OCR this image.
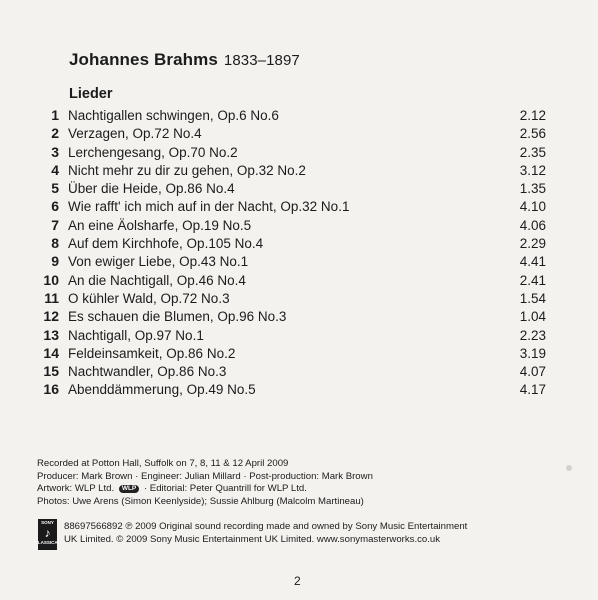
Johannes Brahms 1833–1897
Lieder
1 Nachtigallen schwingen, Op.6 No.6	2.12
2 Verzagen, Op.72 No.4	2.56
3 Lerchengesang, Op.70 No.2	2.35
4 Nicht mehr zu dir zu gehen, Op.32 No.2	3.12
5 Über die Heide, Op.86 No.4	1.35
6 Wie rafft' ich mich auf in der Nacht, Op.32 No.1	4.10
7 An eine Äolsharfe, Op.19 No.5	4.06
8 Auf dem Kirchhofe, Op.105 No.4	2.29
9 Von ewiger Liebe, Op.43 No.1	4.41
10 An die Nachtigall, Op.46 No.4	2.41
11 O kühler Wald, Op.72 No.3	1.54
12 Es schauen die Blumen, Op.96 No.3	1.04
13 Nachtigall, Op.97 No.1	2.23
14 Feldeinsamkeit, Op.86 No.2	3.19
15 Nachtwandler, Op.86 No.3	4.07
16 Abenddämmerung, Op.49 No.5	4.17
Recorded at Potton Hall, Suffolk on 7, 8, 11 & 12 April 2009
Producer: Mark Brown · Engineer: Julian Millard · Post-production: Mark Brown
Artwork: WLP Ltd. WLP · Editorial: Peter Quantrill for WLP Ltd.
Photos: Uwe Arens (Simon Keenlyside); Sussie Ahlburg (Malcolm Martineau)
SONY
♪
CLASSICAL
88697566892 ℗ 2009 Original sound recording made and owned by Sony Music Entertainment
UK Limited. © 2009 Sony Music Entertainment UK Limited. www.sonymasterworks.co.uk
2
